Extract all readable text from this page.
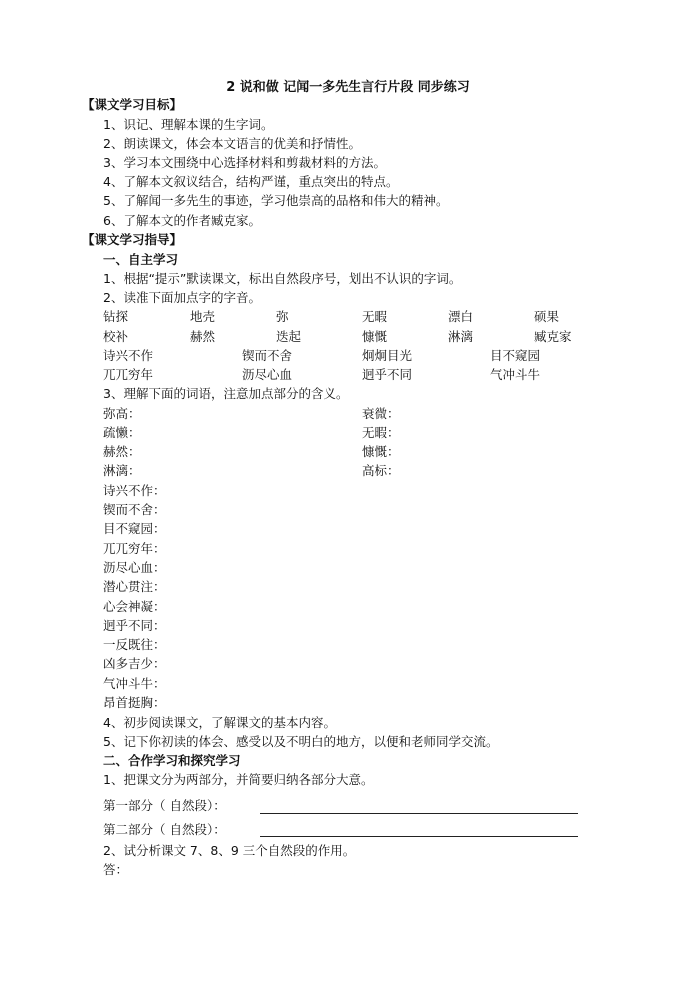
2 说和做 记闻一多先生言行片段 同步练习
【课文学习目标】
1、识记、理解本课的生字词。
2、朗读课文，体会本文语言的优美和抒情性。
3、学习本文围绕中心选择材料和剪裁材料的方法。
4、了解本文叙议结合，结构严谨，重点突出的特点。
5、了解闻一多先生的事迹，学习他崇高的品格和伟大的精神。
6、了解本文的作者臧克家。
【课文学习指导】
一、自主学习
1、根据“提示”默读课文，标出自然段序号，划出不认识的字词。
2、读准下面加点字的字音。
钻探	地壳	弥	无暇	漂白	硕果
校补	赫然	迭起	慷慨	淋漓	臧克家
诗兴不作	锲而不舍	炯炯目光	目不窥园
兀兀穷年	沥尽心血	迥乎不同	气冲斗牛
3、理解下面的词语，注意加点部分的含义。
弥高：	衰微：
疏懒：	无暇：
赫然：	慷慨：
淋漓：	高标：
诗兴不作：
锲而不舍：
目不窥园：
兀兀穷年：
沥尽心血：
潜心贯注：
心会神凝：
迥乎不同：
一反既往：
凶多吉少：
气冲斗牛：
昂首挺胸：
4、初步阅读课文，了解课文的基本内容。
5、记下你初读的体会、感受以及不明白的地方，以便和老师同学交流。
二、合作学习和探究学习
1、把课文分为两部分，并简要归纳各部分大意。
第一部分（ 自然段）：
第二部分（ 自然段）：
2、试分析课文 7、8、9 三个自然段的作用。
答：
